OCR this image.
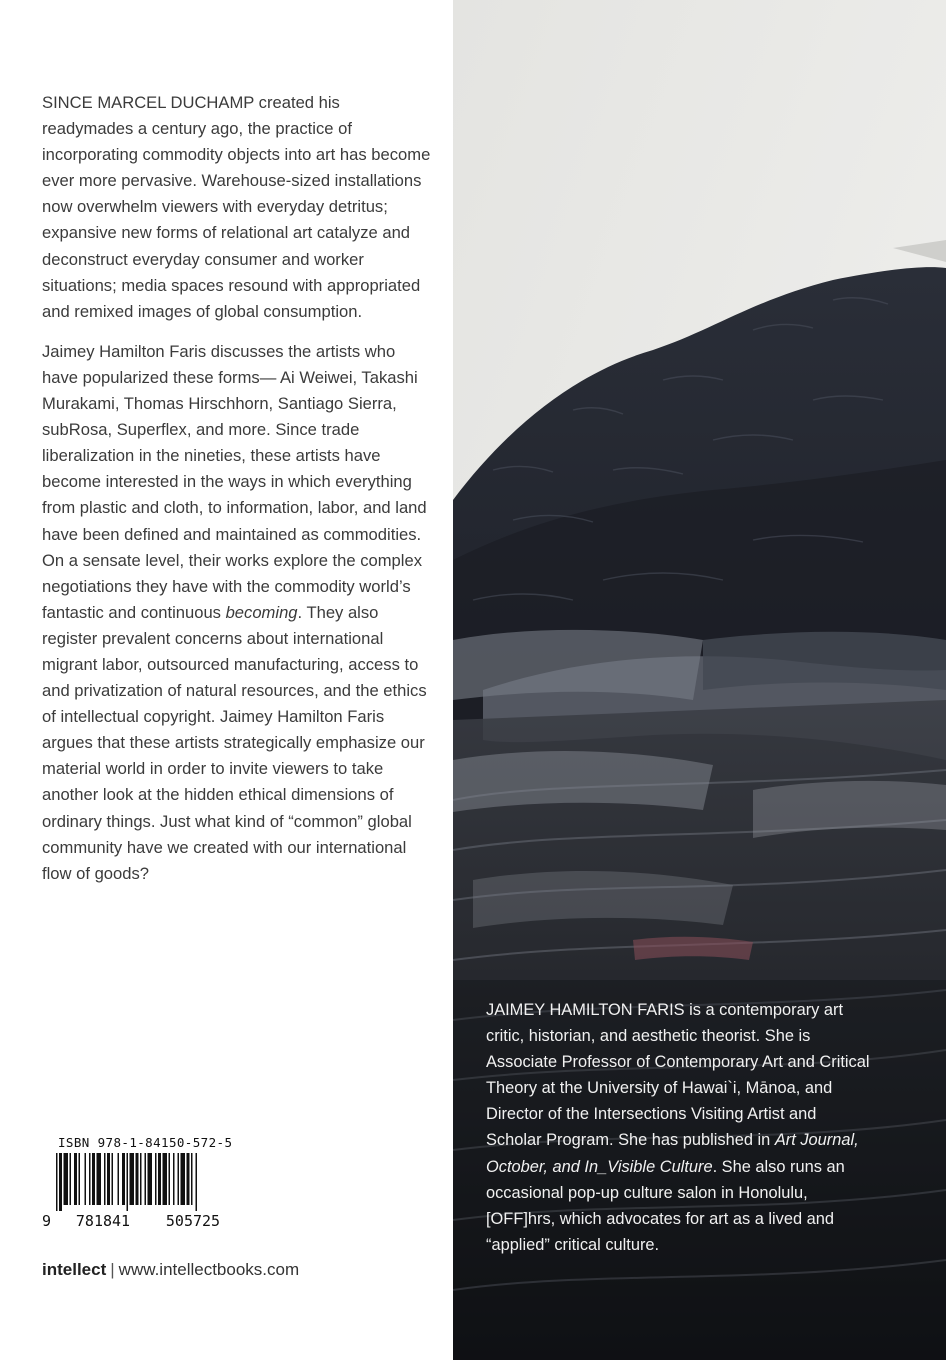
SINCE MARCEL DUCHAMP created his readymades a century ago, the practice of incorporating commodity objects into art has become ever more pervasive. Warehouse-sized installations now overwhelm viewers with everyday detritus; expansive new forms of relational art catalyze and deconstruct everyday consumer and worker situations; media spaces resound with appropriated and remixed images of global consumption.

Jaimey Hamilton Faris discusses the artists who have popularized these forms— Ai Weiwei, Takashi Murakami, Thomas Hirschhorn, Santiago Sierra, subRosa, Superflex, and more. Since trade liberalization in the nineties, these artists have become interested in the ways in which everything from plastic and cloth, to information, labor, and land have been defined and maintained as commodities. On a sensate level, their works explore the complex negotiations they have with the commodity world’s fantastic and continuous becoming. They also register prevalent concerns about international migrant labor, outsourced manufacturing, access to and privatization of natural resources, and the ethics of intellectual copyright. Jaimey Hamilton Faris argues that these artists strategically emphasize our material world in order to invite viewers to take another look at the hidden ethical dimensions of ordinary things. Just what kind of “common” global community have we created with our international flow of goods?

ISBN 978-1-84150-572-5
9	781841	505725
intellect | www.intellectbooks.com
JAIMEY HAMILTON FARIS is a contemporary art critic, historian, and aesthetic theorist. She is Associate Professor of Contemporary Art and Critical Theory at the University of Hawai`i, Mānoa, and Director of the Intersections Visiting Artist and Scholar Program. She has published in Art Journal, October, and In_Visible Culture. She also runs an occasional pop-up culture salon in Honolulu, [OFF]hrs, which advocates for art as a lived and “applied” critical culture.
